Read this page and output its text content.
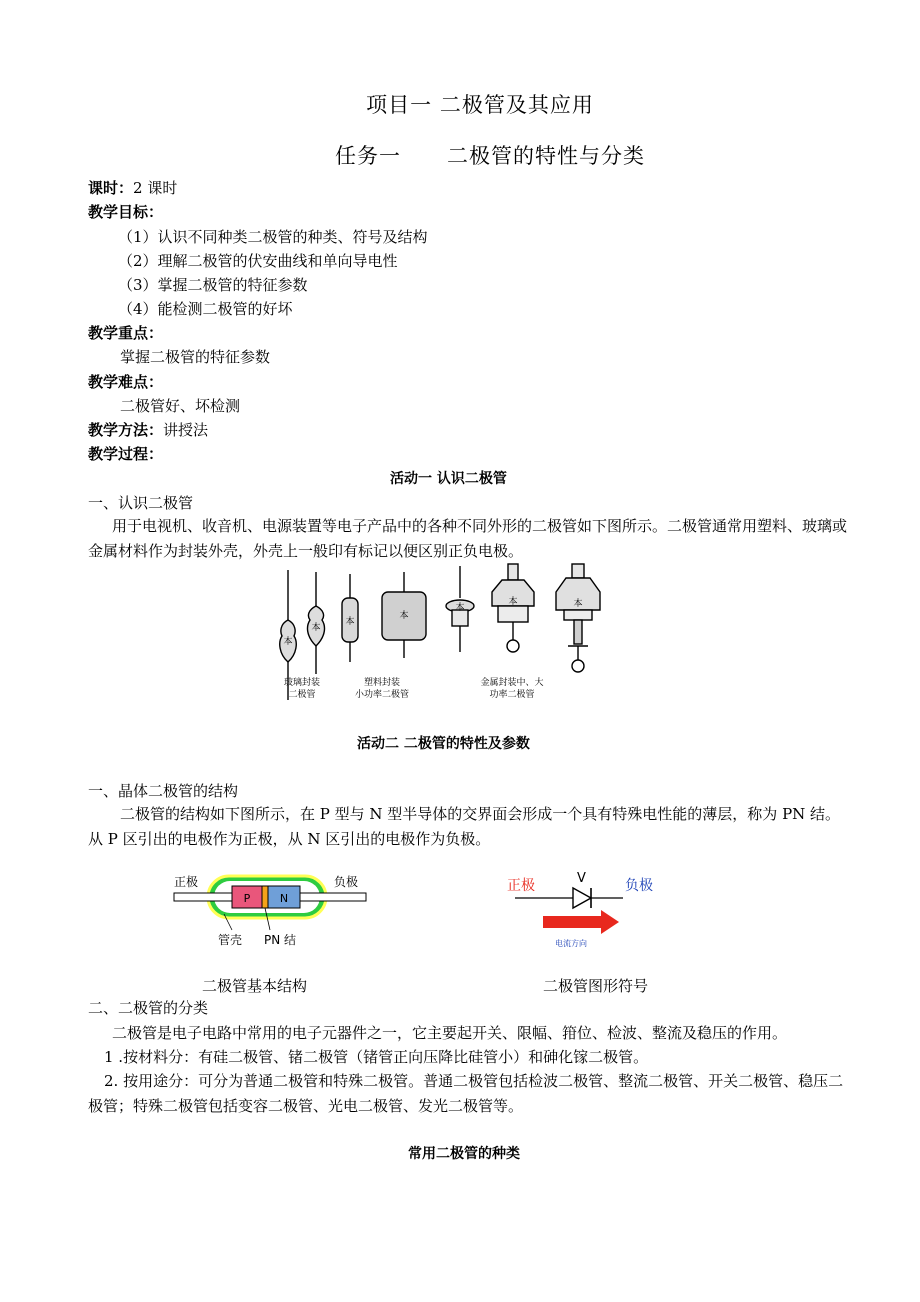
项目一 二极管及其应用
任务一      二极管的特性与分类
课时：2 课时
教学目标：
（1）认识不同种类二极管的种类、符号及结构
（2）理解二极管的伏安曲线和单向导电性
（3）掌握二极管的特征参数
（4）能检测二极管的好坏
教学重点：
掌握二极管的特征参数
教学难点：
二极管好、坏检测
教学方法：讲授法
教学过程：
活动一 认识二极管
一、认识二极管
用于电视机、收音机、电源装置等电子产品中的各种不同外形的二极管如下图所示。二极管通常用塑料、玻璃或金属材料作为封装外壳，外壳上一般印有标记以便区别正负电极。
本
本
本
本
本
本	本
玻璃封装
二极管
塑料封装
小功率二极管
金属封装中、大
功率二极管
活动二 二极管的特性及参数
一、晶体二极管的结构
二极管的结构如下图所示，在 P 型与 N 型半导体的交界面会形成一个具有特殊电性能的薄层，称为 PN 结。从 P 区引出的电极作为正极，从 N 区引出的电极作为负极。
P	N
正极	负极
管壳 PN 结
二极管基本结构
V
正极	负极
电流方向
二极管图形符号
二、二极管的分类
二极管是电子电路中常用的电子元器件之一，它主要起开关、限幅、箝位、检波、整流及稳压的作用。
1 .按材料分：有硅二极管、锗二极管（锗管正向压降比硅管小）和砷化镓二极管。
2. 按用途分：可分为普通二极管和特殊二极管。普通二极管包括检波二极管、整流二极管、开关二极管、稳压二极管；特殊二极管包括变容二极管、光电二极管、发光二极管等。
常用二极管的种类
